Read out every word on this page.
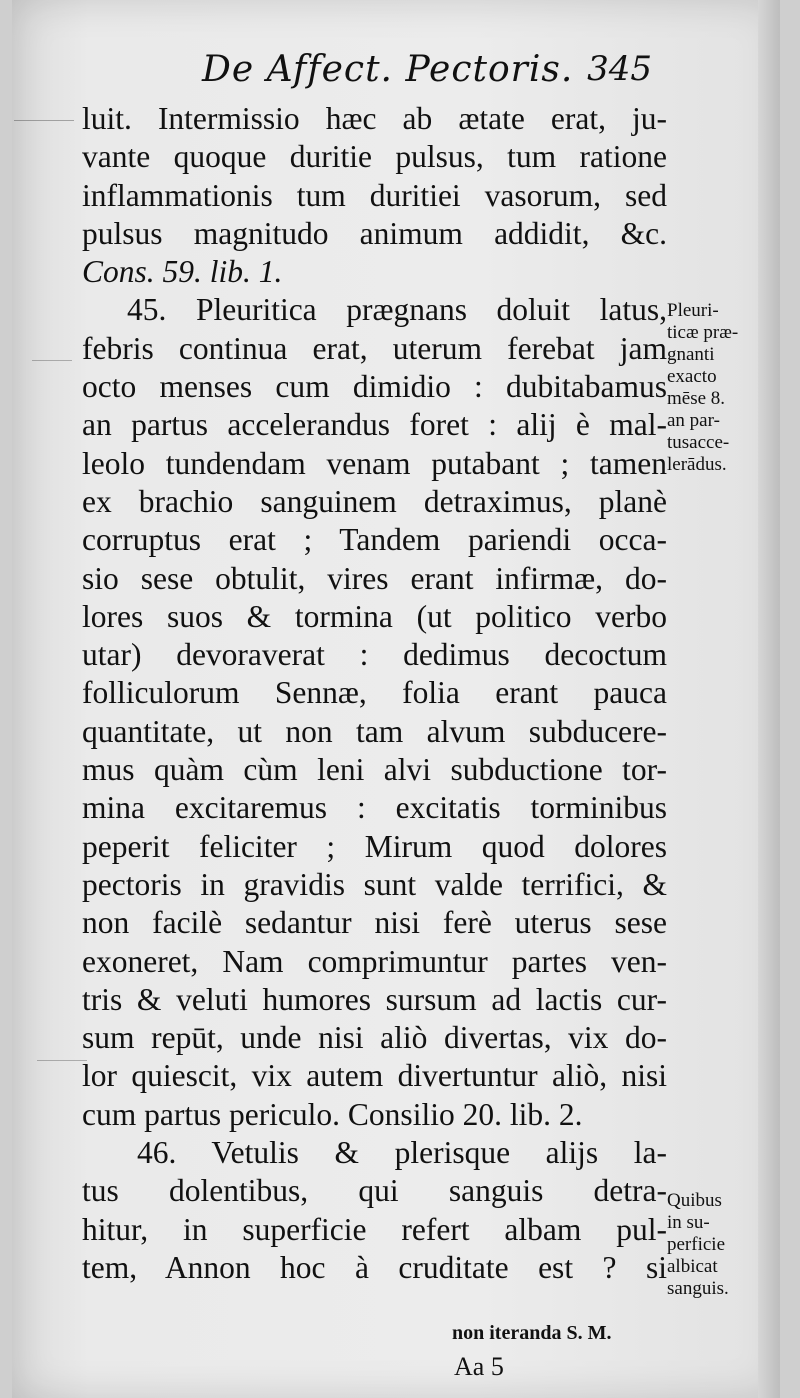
De Affect. Pectoris. 345
luit. Intermissio hæc ab ætate erat, ju-
vante quoque duritie pulsus, tum ratione
inflammationis tum duritiei vasorum, sed
pulsus magnitudo animum addidit, &c.
Cons. 59. lib. 1.
45. Pleuritica prægnans doluit latus,
febris continua erat, uterum ferebat jam
octo menses cum dimidio : dubitabamus
an partus accelerandus foret : alij è mal-
leolo tundendam venam putabant ; tamen
ex brachio sanguinem detraximus, planè
corruptus erat ; Tandem pariendi occa-
sio sese obtulit, vires erant infirmæ, do-
lores suos & tormina (ut politico verbo
utar) devoraverat : dedimus decoctum
folliculorum Sennæ, folia erant pauca
quantitate, ut non tam alvum subducere-
mus quàm cùm leni alvi subductione tor-
mina excitaremus : excitatis torminibus
peperit feliciter ; Mirum quod dolores
pectoris in gravidis sunt valde terrifici, &
non facilè sedantur nisi ferè uterus sese
exoneret, Nam comprimuntur partes ven-
tris & veluti humores sursum ad lactis cur-
sum repūt, unde nisi aliò divertas, vix do-
lor quiescit, vix autem divertuntur aliò, nisi
cum partus periculo. Consilio 20. lib. 2.
46. Vetulis & plerisque alijs la-
tus dolentibus, qui sanguis detra-
hitur, in superficie refert albam pul-
tem, Annon hoc à cruditate est ? si
Pleuri-
ticæ præ-
gnanti
exacto
mēse 8.
an par-
tusacce-
lerādus.
Quibus
in su-
perficie
albicat
sanguis.
non iteranda S. M.
Aa 5
